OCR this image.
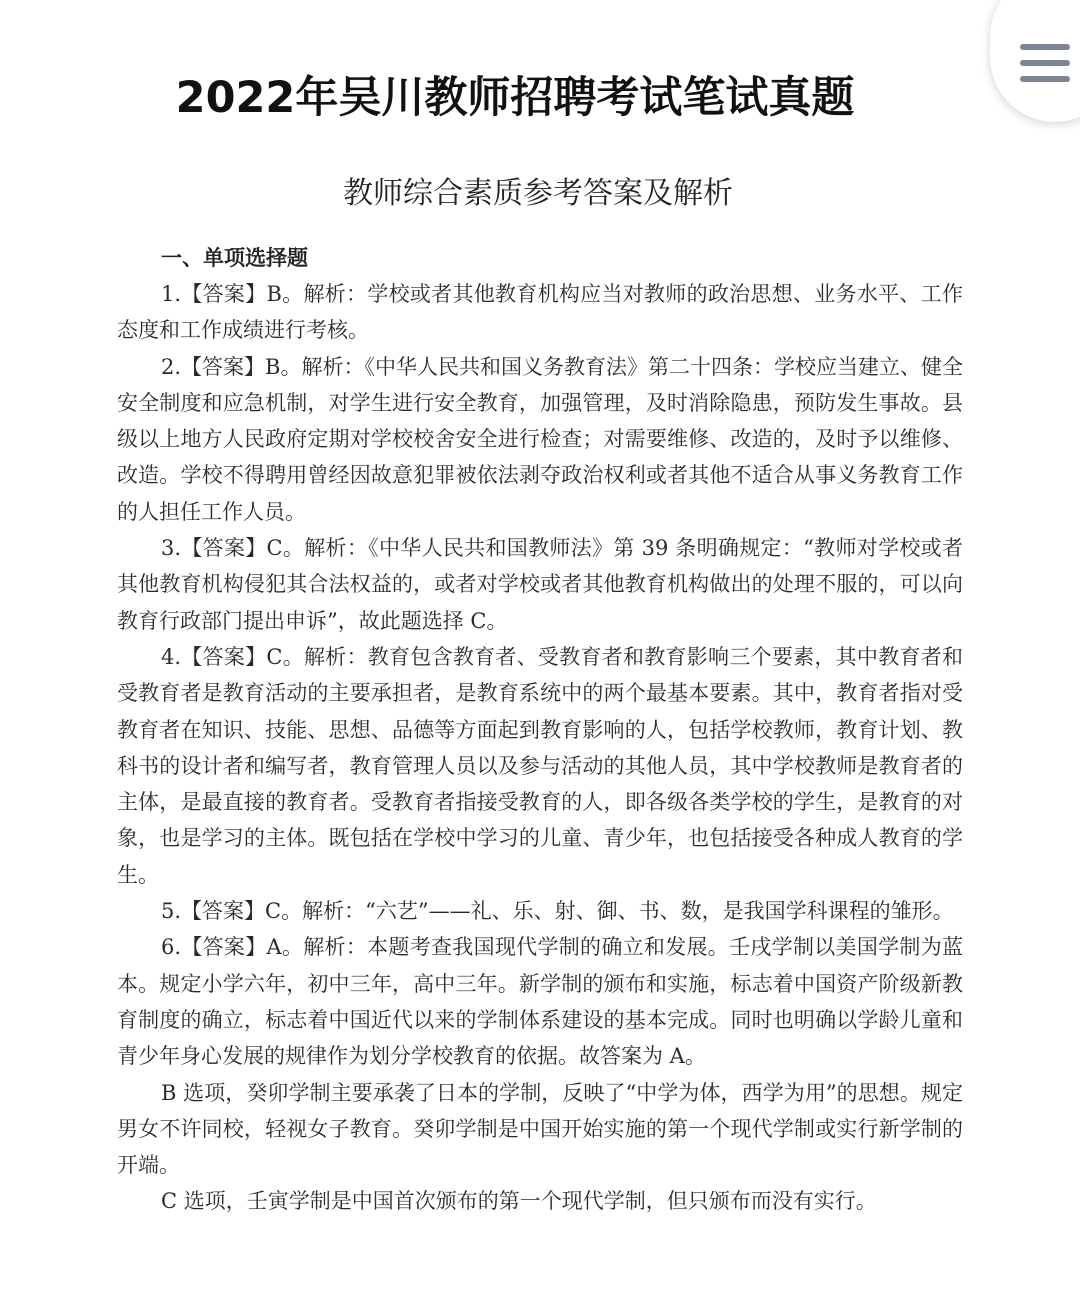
2022年吴川教师招聘考试笔试真题
教师综合素质参考答案及解析
一、单项选择题

1.【答案】B。解析：学校或者其他教育机构应当对教师的政治思想、业务水平、工作态度和工作成绩进行考核。

2.【答案】B。解析：《中华人民共和国义务教育法》第二十四条：学校应当建立、健全安全制度和应急机制，对学生进行安全教育，加强管理，及时消除隐患，预防发生事故。县级以上地方人民政府定期对学校校舍安全进行检查；对需要维修、改造的，及时予以维修、改造。学校不得聘用曾经因故意犯罪被依法剥夺政治权利或者其他不适合从事义务教育工作的人担任工作人员。

3.【答案】C。解析：《中华人民共和国教师法》第 39 条明确规定：“教师对学校或者其他教育机构侵犯其合法权益的，或者对学校或者其他教育机构做出的处理不服的，可以向教育行政部门提出申诉”，故此题选择 C。

4.【答案】C。解析：教育包含教育者、受教育者和教育影响三个要素，其中教育者和受教育者是教育活动的主要承担者，是教育系统中的两个最基本要素。其中，教育者指对受教育者在知识、技能、思想、品德等方面起到教育影响的人，包括学校教师，教育计划、教科书的设计者和编写者，教育管理人员以及参与活动的其他人员，其中学校教师是教育者的主体，是最直接的教育者。受教育者指接受教育的人，即各级各类学校的学生，是教育的对象，也是学习的主体。既包括在学校中学习的儿童、青少年，也包括接受各种成人教育的学生。

5.【答案】C。解析：“六艺”——礼、乐、射、御、书、数，是我国学科课程的雏形。

6.【答案】A。解析：本题考查我国现代学制的确立和发展。壬戌学制以美国学制为蓝本。规定小学六年，初中三年，高中三年。新学制的颁布和实施，标志着中国资产阶级新教育制度的确立，标志着中国近代以来的学制体系建设的基本完成。同时也明确以学龄儿童和青少年身心发展的规律作为划分学校教育的依据。故答案为 A。

B 选项，癸卯学制主要承袭了日本的学制，反映了“中学为体，西学为用”的思想。规定男女不许同校，轻视女子教育。癸卯学制是中国开始实施的第一个现代学制或实行新学制的开端。

C 选项，壬寅学制是中国首次颁布的第一个现代学制，但只颁布而没有实行。
